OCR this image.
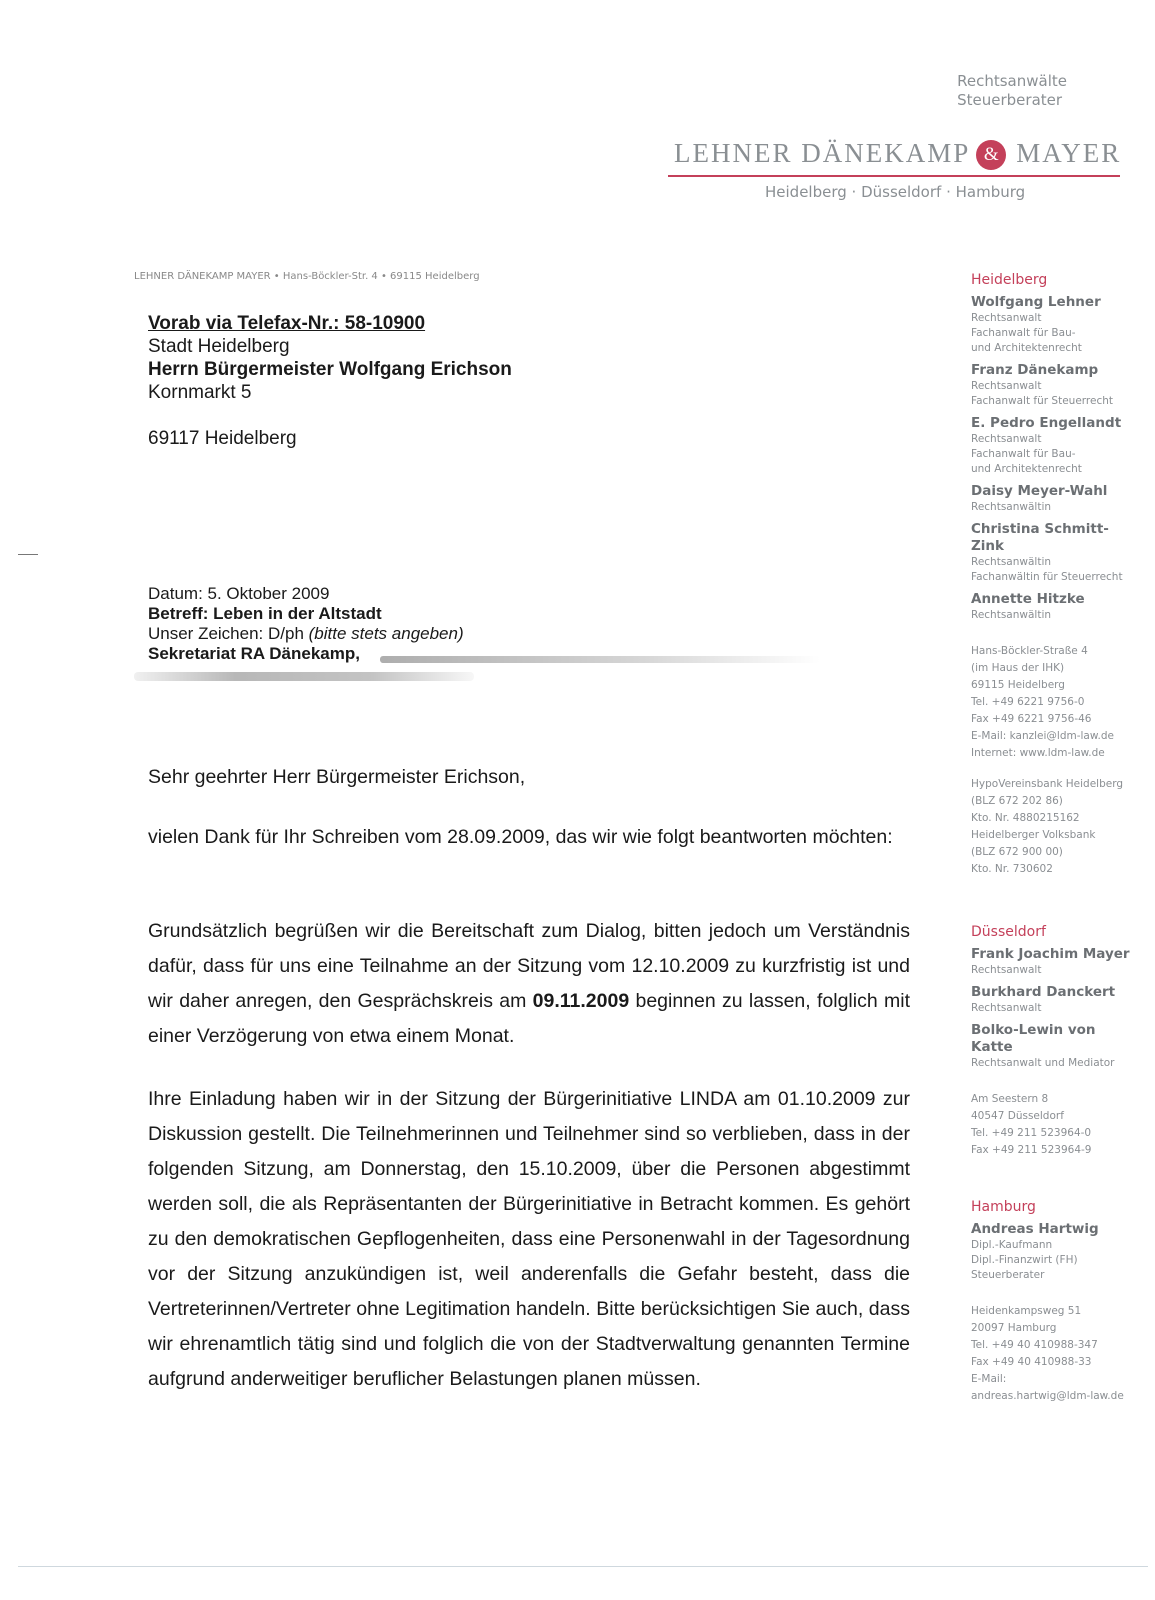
Rechtsanwälte
Steuerberater
LEHNER DÄNEKAMP & MAYER
Heidelberg · Düsseldorf · Hamburg
LEHNER DÄNEKAMP MAYER • Hans-Böckler-Str. 4 • 69115 Heidelberg
Vorab via Telefax-Nr.: 58-10900
Stadt Heidelberg
Herrn Bürgermeister Wolfgang Erichson
Kornmarkt 5
69117 Heidelberg
Datum: 5. Oktober 2009
Betreff: Leben in der Altstadt
Unser Zeichen: D/ph (bitte stets angeben)
Sekretariat RA Dänekamp,
Sehr geehrter Herr Bürgermeister Erichson,
vielen Dank für Ihr Schreiben vom 28.09.2009, das wir wie folgt beantworten möchten:
Grundsätzlich begrüßen wir die Bereitschaft zum Dialog, bitten jedoch um Verständnis dafür, dass für uns eine Teilnahme an der Sitzung vom 12.10.2009 zu kurzfristig ist und wir daher anregen, den Gesprächskreis am 09.11.2009 beginnen zu lassen, folglich mit einer Verzögerung von etwa einem Monat.
Ihre Einladung haben wir in der Sitzung der Bürgerinitiative LINDA am 01.10.2009 zur Diskussion gestellt. Die Teilnehmerinnen und Teilnehmer sind so verblieben, dass in der folgenden Sitzung, am Donnerstag, den 15.10.2009, über die Personen abgestimmt werden soll, die als Repräsentanten der Bürgerinitiative in Betracht kommen. Es gehört zu den demokratischen Gepflogenheiten, dass eine Personenwahl in der Tagesordnung vor der Sitzung anzukündigen ist, weil anderenfalls die Gefahr besteht, dass die Vertreterinnen/Vertreter ohne Legitimation handeln. Bitte berücksichtigen Sie auch, dass wir ehrenamtlich tätig sind und folglich die von der Stadtverwaltung genannten Termine aufgrund anderweitiger beruflicher Belastungen planen müssen.
Heidelberg
Wolfgang Lehner
Rechtsanwalt
Fachanwalt für Bau-
und Architektenrecht
Franz Dänekamp
Rechtsanwalt
Fachanwalt für Steuerrecht
E. Pedro Engellandt
Rechtsanwalt
Fachanwalt für Bau-
und Architektenrecht
Daisy Meyer-Wahl
Rechtsanwältin
Christina Schmitt-Zink
Rechtsanwältin
Fachanwältin für Steuerrecht
Annette Hitzke
Rechtsanwältin
Hans-Böckler-Straße 4
(im Haus der IHK)
69115 Heidelberg
Tel. +49 6221 9756-0
Fax +49 6221 9756-46
E-Mail: kanzlei@ldm-law.de
Internet: www.ldm-law.de
HypoVereinsbank Heidelberg
(BLZ 672 202 86)
Kto. Nr. 4880215162
Heidelberger Volksbank
(BLZ 672 900 00)
Kto. Nr. 730602
Düsseldorf
Frank Joachim Mayer
Rechtsanwalt
Burkhard Danckert
Rechtsanwalt
Bolko-Lewin von Katte
Rechtsanwalt und Mediator
Am Seestern 8
40547 Düsseldorf
Tel. +49 211 523964-0
Fax +49 211 523964-9
Hamburg
Andreas Hartwig
Dipl.-Kaufmann
Dipl.-Finanzwirt (FH)
Steuerberater
Heidenkampsweg 51
20097 Hamburg
Tel. +49 40 410988-347
Fax +49 40 410988-33
E-Mail:
andreas.hartwig@ldm-law.de
